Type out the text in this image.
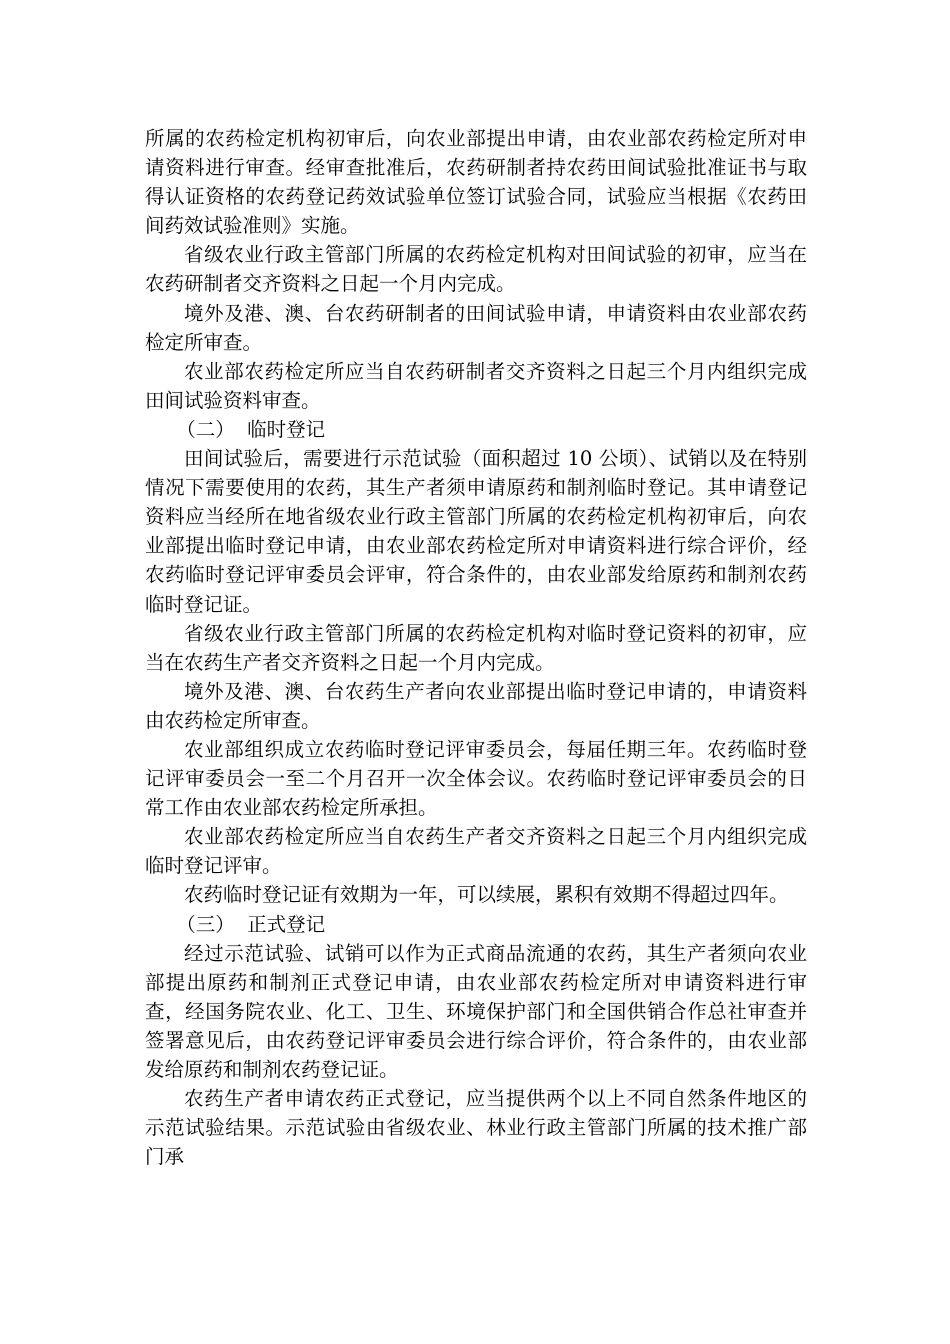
所属的农药检定机构初审后，向农业部提出申请，由农业部农药检定所对申请资料进行审查。经审查批准后，农药研制者持农药田间试验批准证书与取得认证资格的农药登记药效试验单位签订试验合同，试验应当根据《农药田间药效试验准则》实施。

省级农业行政主管部门所属的农药检定机构对田间试验的初审，应当在农药研制者交齐资料之日起一个月内完成。

境外及港、澳、台农药研制者的田间试验申请，申请资料由农业部农药检定所审查。

农业部农药检定所应当自农药研制者交齐资料之日起三个月内组织完成田间试验资料审查。

（二）  临时登记

田间试验后，需要进行示范试验（面积超过 10 公顷）、试销以及在特别情况下需要使用的农药，其生产者须申请原药和制剂临时登记。其申请登记资料应当经所在地省级农业行政主管部门所属的农药检定机构初审后，向农业部提出临时登记申请，由农业部农药检定所对申请资料进行综合评价，经农药临时登记评审委员会评审，符合条件的，由农业部发给原药和制剂农药临时登记证。

省级农业行政主管部门所属的农药检定机构对临时登记资料的初审，应当在农药生产者交齐资料之日起一个月内完成。

境外及港、澳、台农药生产者向农业部提出临时登记申请的，申请资料由农药检定所审查。

农业部组织成立农药临时登记评审委员会，每届任期三年。农药临时登记评审委员会一至二个月召开一次全体会议。农药临时登记评审委员会的日常工作由农业部农药检定所承担。

农业部农药检定所应当自农药生产者交齐资料之日起三个月内组织完成临时登记评审。

农药临时登记证有效期为一年，可以续展，累积有效期不得超过四年。

（三）  正式登记

经过示范试验、试销可以作为正式商品流通的农药，其生产者须向农业部提出原药和制剂正式登记申请，由农业部农药检定所对申请资料进行审查，经国务院农业、化工、卫生、环境保护部门和全国供销合作总社审查并签署意见后，由农药登记评审委员会进行综合评价，符合条件的，由农业部发给原药和制剂农药登记证。

农药生产者申请农药正式登记，应当提供两个以上不同自然条件地区的示范试验结果。示范试验由省级农业、林业行政主管部门所属的技术推广部门承
